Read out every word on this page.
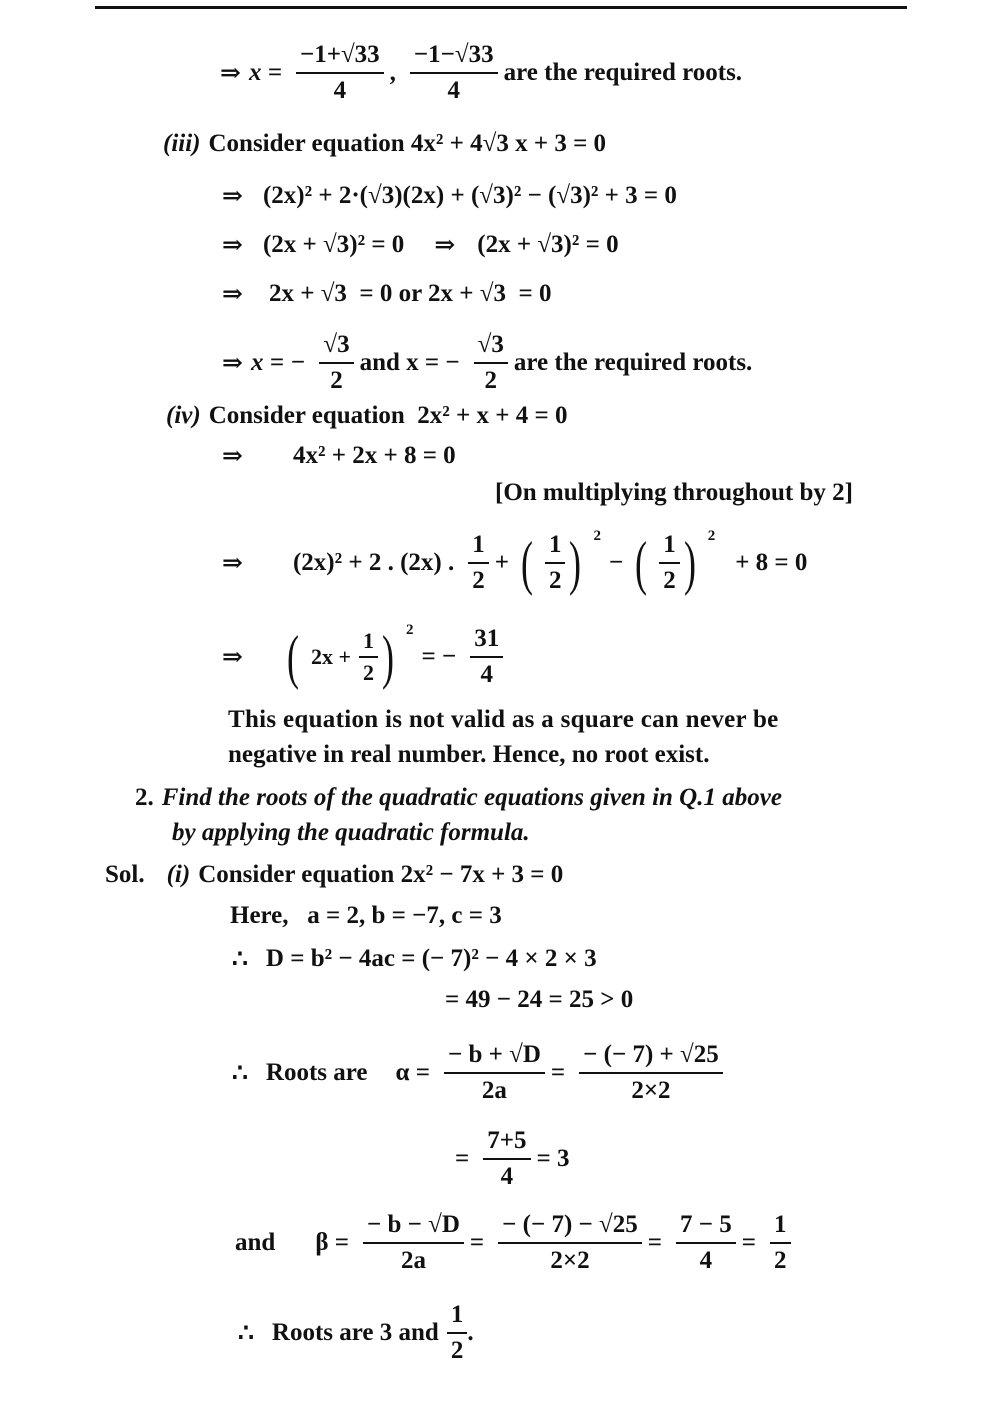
⇒ $x = \frac{-1+√33}{4}$ , $\frac{-1-√33}{4}$ are the required roots.
(iii) Consider equation 4x² + 4√3 x + 3 = 0
⇒ (2x)² + 2·(√3)(2x) + (√3)² − (√3)² + 3 = 0
⇒ (2x + √3)² = 0 ⇒ (2x + √3)² = 0
⇒ 2x + √3  = 0 or 2x + √3  = 0
⇒ x = − $\frac{√3}{2}$ and x = − $\frac{√3}{2}$ are the required roots.
(iv) Consider equation  2x² + x + 4 = 0
⇒ 4x² + 2x + 8 = 0
[On multiplying throughout by 2]
⇒ (2x)² + 2 . (2x) . $\frac{1}{2}$ + ( $\frac{1}{2}$ ) $^2$
− ( $\frac{1}{2}$ ) $^2$
+ 8 = 0
⇒ ( $2x + \frac{1}{2}$ ) $^2$
= − $\frac{31}{4}$
This equation is not valid as a square can never be
negative in real number. Hence, no root exist.
2. Find the roots of the quadratic equations given in Q.1 above
by applying the quadratic formula.
Sol. (i) Consider equation 2x² − 7x + 3 = 0
Here,   a = 2, b = −7, c = 3
∴ D = b² − 4ac = (− 7)² − 4 × 2 × 3
= 49 − 24 = 25 > 0
∴ Roots are $\alpha = \frac{- b + √D}{2a} = \frac{- (- 7) + √25}{2\times 2}$
= $\frac{7+5}{4} = 3$
and $\beta = \frac{- b - √D}{2a} = \frac{- (- 7) - √25}{2\times 2} = \frac{7 - 5}{4} = \frac{1}{2}$
∴ Roots are 3 and $\frac{1}{2}$ .
